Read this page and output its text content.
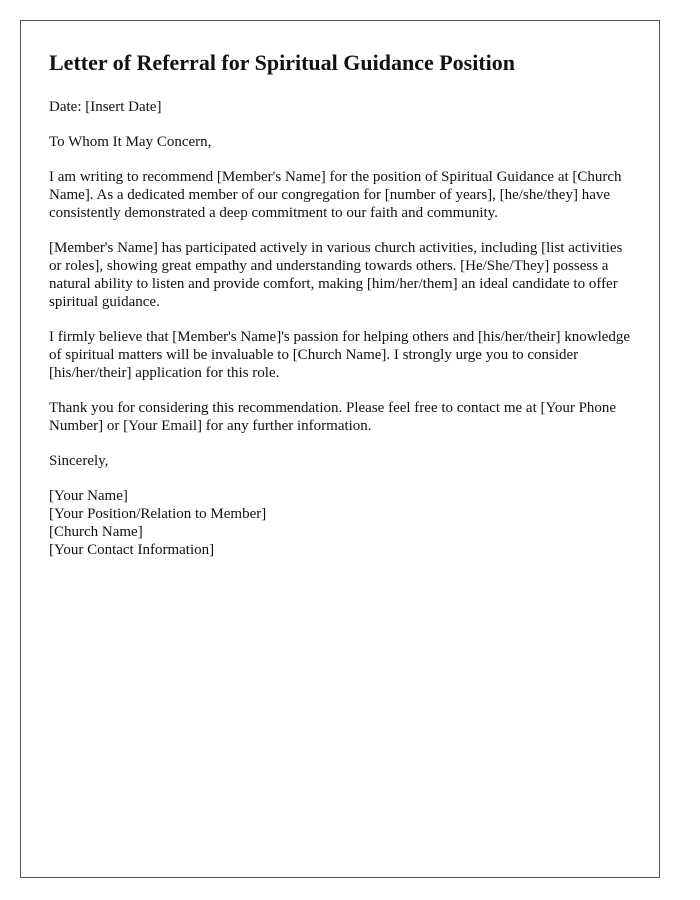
Letter of Referral for Spiritual Guidance Position

Date: [Insert Date]

To Whom It May Concern,

I am writing to recommend [Member's Name] for the position of Spiritual Guidance at [Church Name]. As a dedicated member of our congregation for [number of years], [he/she/they] have consistently demonstrated a deep commitment to our faith and community.

[Member's Name] has participated actively in various church activities, including [list activities or roles], showing great empathy and understanding towards others. [He/She/They] possess a natural ability to listen and provide comfort, making [him/her/them] an ideal candidate to offer spiritual guidance.

I firmly believe that [Member's Name]'s passion for helping others and [his/her/their] knowledge of spiritual matters will be invaluable to [Church Name]. I strongly urge you to consider [his/her/their] application for this role.

Thank you for considering this recommendation. Please feel free to contact me at [Your Phone Number] or [Your Email] for any further information.

Sincerely,

[Your Name]
[Your Position/Relation to Member]
[Church Name]
[Your Contact Information]
